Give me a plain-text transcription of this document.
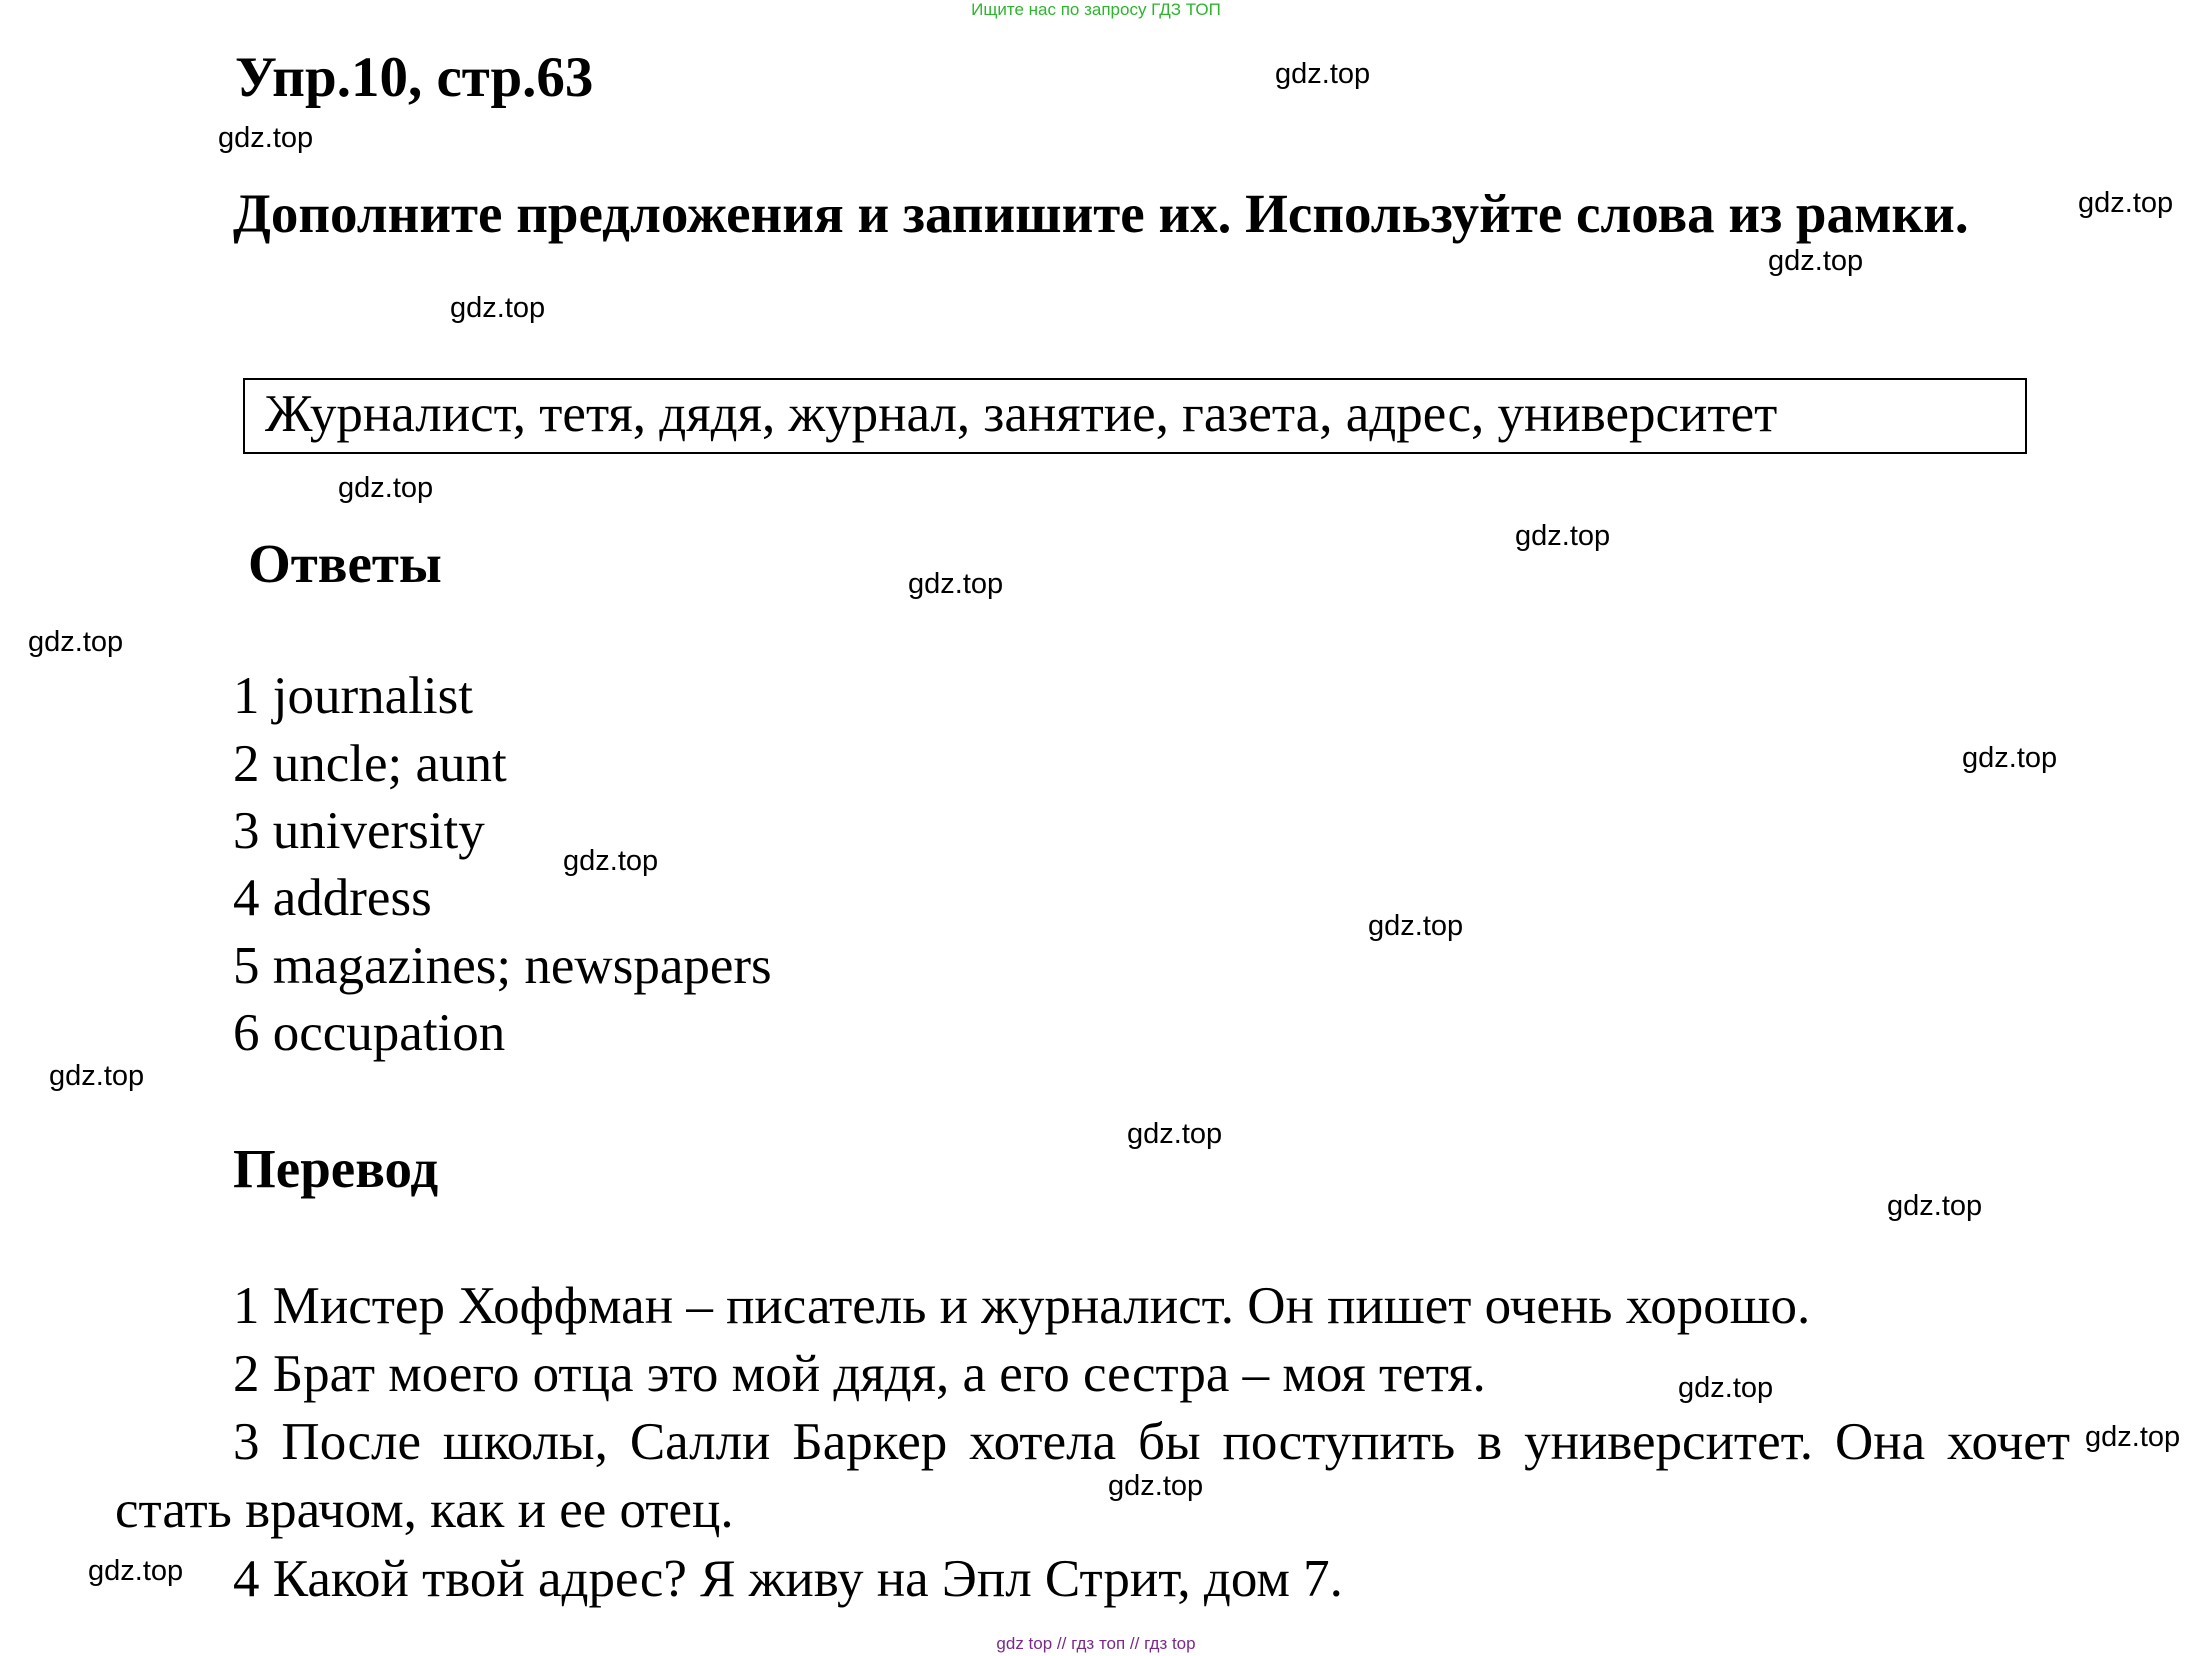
Ищите нас по запросу ГДЗ ТОП
Упр.10, стр.63
Дополните предложения и запишите их. Используйте слова из рамки.
Журналист, тетя, дядя, журнал, занятие, газета, адрес, университет
Ответы
1 journalist
2 uncle; aunt
3 university
4 address
5 magazines; newspapers
6 occupation
Перевод
1 Мистер Хоффман – писатель и журналист. Он пишет очень хорошо.
2 Брат моего отца это мой дядя, а его сестра – моя тетя.
3 После школы, Салли Баркер хотела бы поступить в университет. Она хочет стать врачом, как и ее отец.
4 Какой твой адрес? Я живу на Эпл Стрит, дом 7.
gdz.top
gdz.top
gdz.top
gdz.top
gdz.top
gdz.top
gdz.top
gdz.top
gdz.top
gdz.top
gdz.top
gdz.top
gdz.top
gdz.top
gdz.top
gdz.top
gdz.top
gdz.top
gdz.top
gdz top // гдз топ // гдз top
